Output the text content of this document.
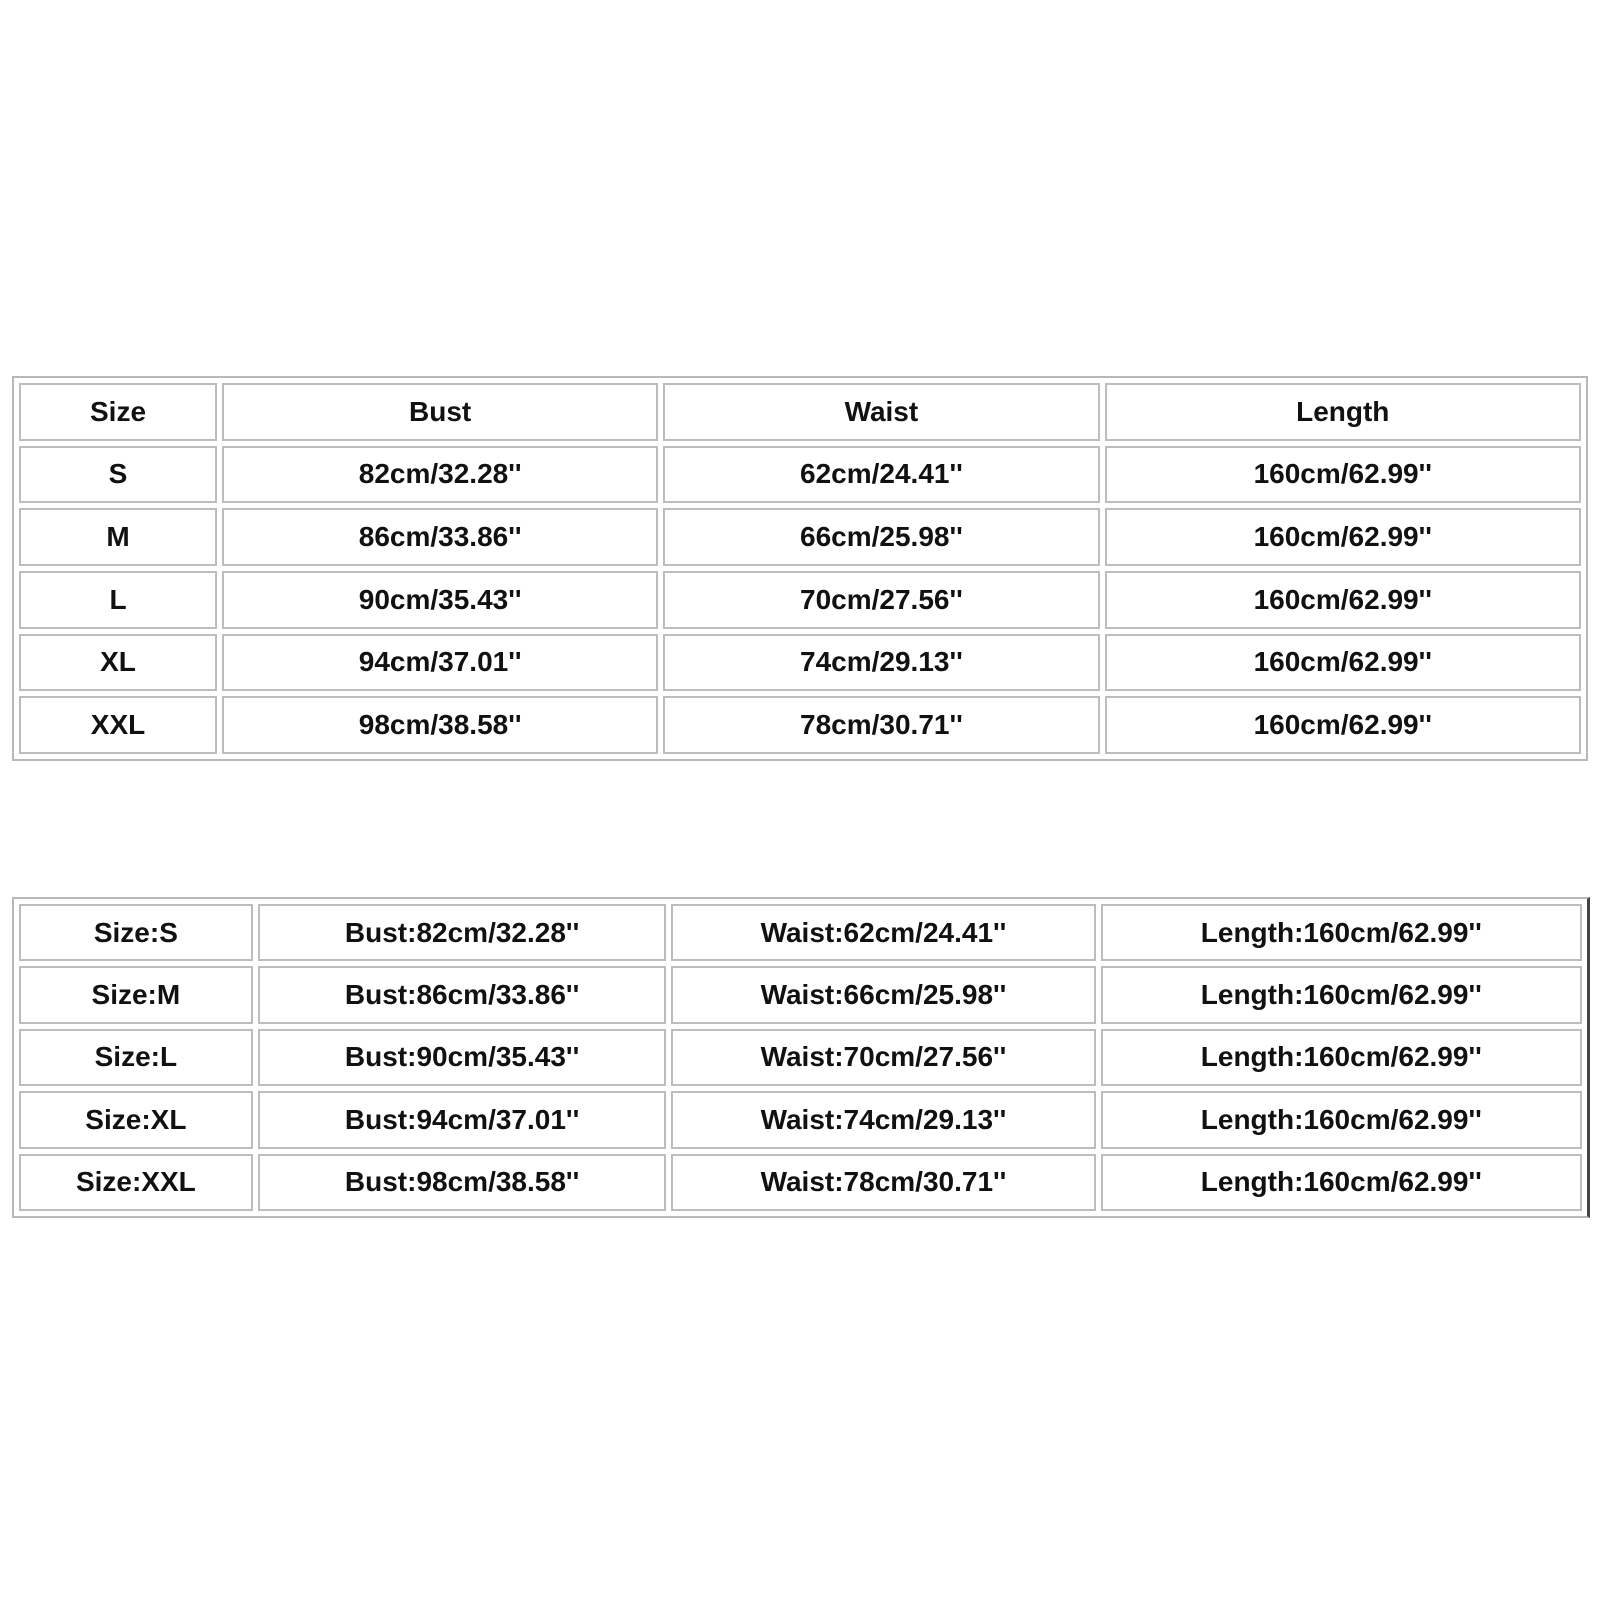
Size	Bust	Waist	Length
S	82cm/32.28''	62cm/24.41''	160cm/62.99''
M	86cm/33.86''	66cm/25.98''	160cm/62.99''
L	90cm/35.43''	70cm/27.56''	160cm/62.99''
XL	94cm/37.01''	74cm/29.13''	160cm/62.99''
XXL	98cm/38.58''	78cm/30.71''	160cm/62.99''
Size:S	Bust:82cm/32.28''	Waist:62cm/24.41''	Length:160cm/62.99''
Size:M	Bust:86cm/33.86''	Waist:66cm/25.98''	Length:160cm/62.99''
Size:L	Bust:90cm/35.43''	Waist:70cm/27.56''	Length:160cm/62.99''
Size:XL	Bust:94cm/37.01''	Waist:74cm/29.13''	Length:160cm/62.99''
Size:XXL	Bust:98cm/38.58''	Waist:78cm/30.71''	Length:160cm/62.99''
